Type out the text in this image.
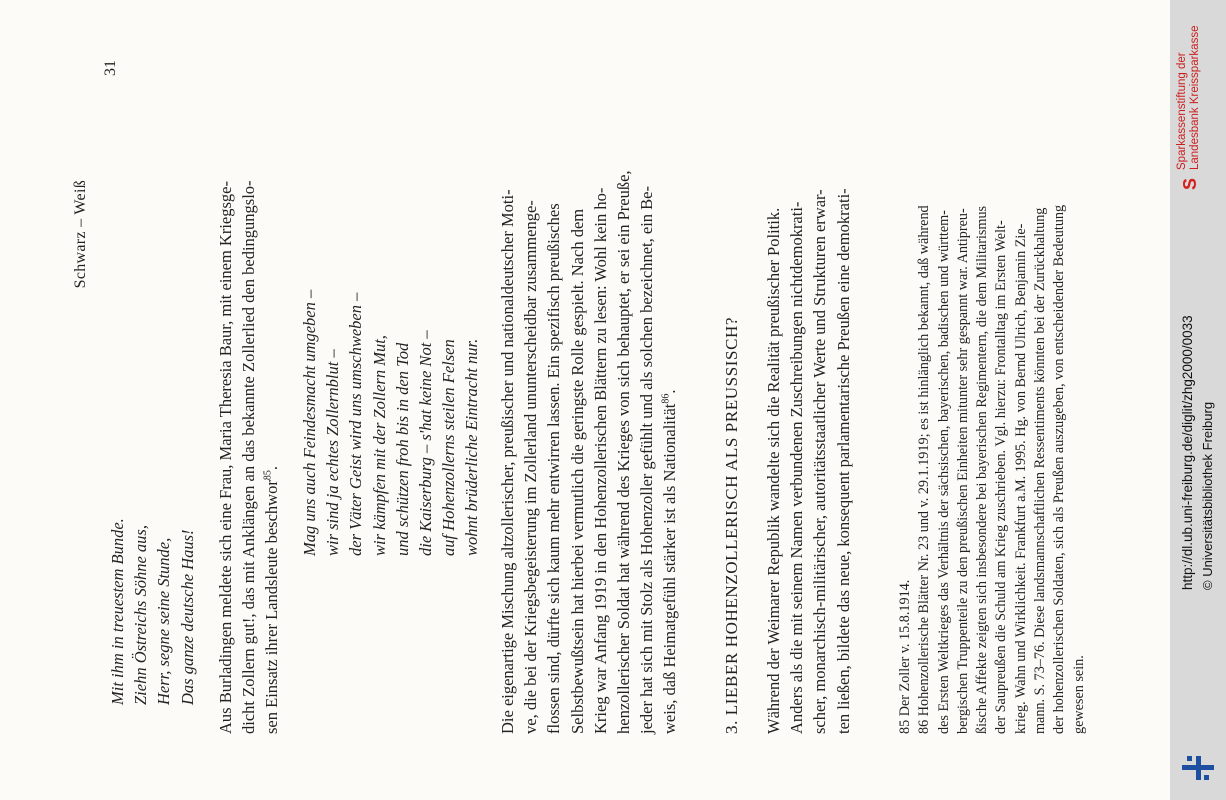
Schwarz – Weiß
31
Mit ihm in treuestem Bunde. Ziehn Östreichs Söhne aus, Herr, segne seine Stunde, Das ganze deutsche Haus! Aus Burladingen meldete sich eine Frau, Maria Theresia Baur, mit einem Kriegsge- dicht Zollern gut!, das mit Anklängen an das bekannte Zollerlied den bedingungslo- sen Einsatz ihrer Landsleute beschwor$^{85}$. Mag uns auch Feindesmacht umgeben – wir sind ja echtes Zollernblut – der Väter Geist wird uns umschweben – wir kämpfen mit der Zollern Mut, und schützen froh bis in den Tod die Kaiserburg – s'hat keine Not – auf Hohenzollerns steilen Felsen wohnt brüderliche Eintracht nur. Die eigenartige Mischung altzollerischer, preußischer und nationaldeutscher Moti- ve, die bei der Kriegsbegeisterung im Zollerland ununterscheidbar zusammenge- flossen sind, dürfte sich kaum mehr entwirren lassen. Ein spezifisch preußisches Selbstbewußtsein hat hierbei vermutlich die geringste Rolle gespielt. Nach dem Krieg war Anfang 1919 in den Hohenzollerischen Blättern zu lesen: Wohl kein ho- henzollerischer Soldat hat während des Krieges von sich behauptet, er sei ein Preuße, jeder hat sich mit Stolz als Hohenzoller gefühlt und als solchen bezeichnet, ein Be- weis, daß Heimatgefühl stärker ist als Nationalität$^{86}$.	3. LIEBER HOHENZOLLERISCH ALS PREUSSISCH? Während der Weimarer Republik wandelte sich die Realität preußischer Politik. Anders als die mit seinem Namen verbundenen Zuschreibungen nichtdemokrati- scher, monarchisch-militärischer, autoritätsstaatlicher Werte und Strukturen erwar- ten ließen, bildete das neue, konsequent parlamentarische Preußen eine demokrati-	85 Der Zoller v. 15.8.1914. 86 Hohenzollerische Blätter Nr. 23 und v. 29.1.1919; es ist hinlänglich bekannt, daß während des Ersten Weltkrieges das Verhältnis der sächsischen, bayerischen, badischen und württem- bergischen Truppenteile zu den preußischen Einheiten mitunter sehr gespannt war. Antipreu- ßische Affekte zeigten sich insbesondere bei bayerischen Regimentern, die dem Militarismus der Saupreußen die Schuld am Krieg zuschrieben. Vgl. hierzu: Frontalltag im Ersten Welt- krieg. Wahn und Wirklichkeit. Frankfurt a.M. 1995. Hg. von Bernd Ulrich, Benjamin Zie- mann. S. 73–76. Diese landsmannschaftlichen Ressentiments könnten bei der Zurückhaltung der hohenzollerischen Soldaten, sich als Preußen auszugeben, von entscheidender Bedeutung gewesen sein.
http://dl.ub.uni-freiburg.de/diglit/zhg2000/0033 © Universitätsbibliothek Freiburg
S
Sparkassenstiftung der Landesbank Kreissparkasse
